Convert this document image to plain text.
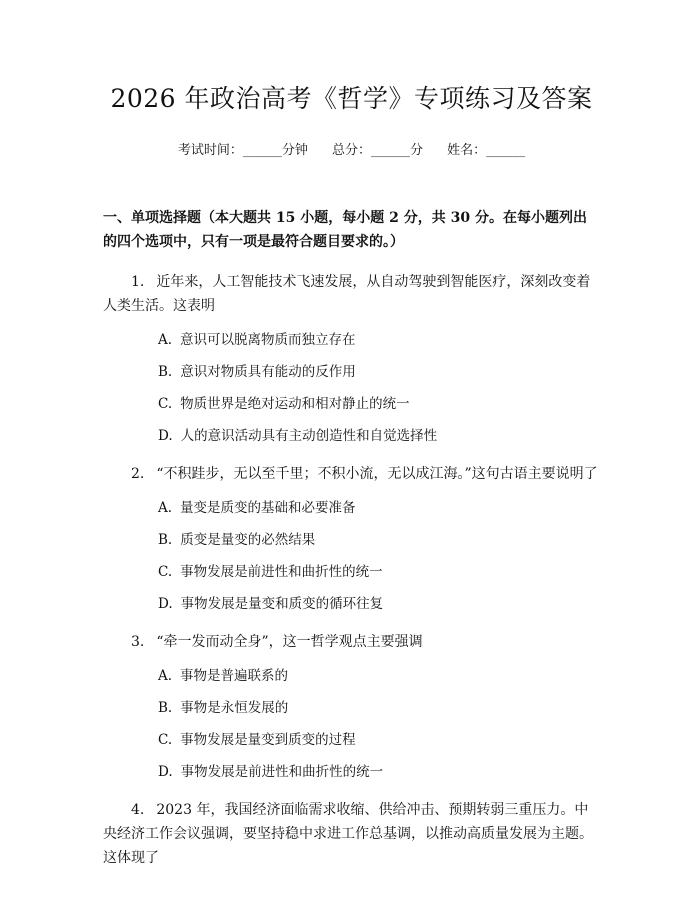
2026 年政治高考《哲学》专项练习及答案
考试时间：______分钟 总分：______分 姓名：______
一、单项选择题（本大题共 15 小题，每小题 2 分，共 30 分。在每小题列出的四个选项中，只有一项是最符合题目要求的。）
1. 近年来，人工智能技术飞速发展，从自动驾驶到智能医疗，深刻改变着人类生活。这表明
A. 意识可以脱离物质而独立存在
B. 意识对物质具有能动的反作用
C. 物质世界是绝对运动和相对静止的统一
D. 人的意识活动具有主动创造性和自觉选择性
2. “不积跬步，无以至千里；不积小流，无以成江海。”这句古语主要说明了
A. 量变是质变的基础和必要准备
B. 质变是量变的必然结果
C. 事物发展是前进性和曲折性的统一
D. 事物发展是量变和质变的循环往复
3. “牵一发而动全身”，这一哲学观点主要强调
A. 事物是普遍联系的
B. 事物是永恒发展的
C. 事物发展是量变到质变的过程
D. 事物发展是前进性和曲折性的统一
4. 2023 年，我国经济面临需求收缩、供给冲击、预期转弱三重压力。中央经济工作会议强调，要坚持稳中求进工作总基调，以推动高质量发展为主题。这体现了
